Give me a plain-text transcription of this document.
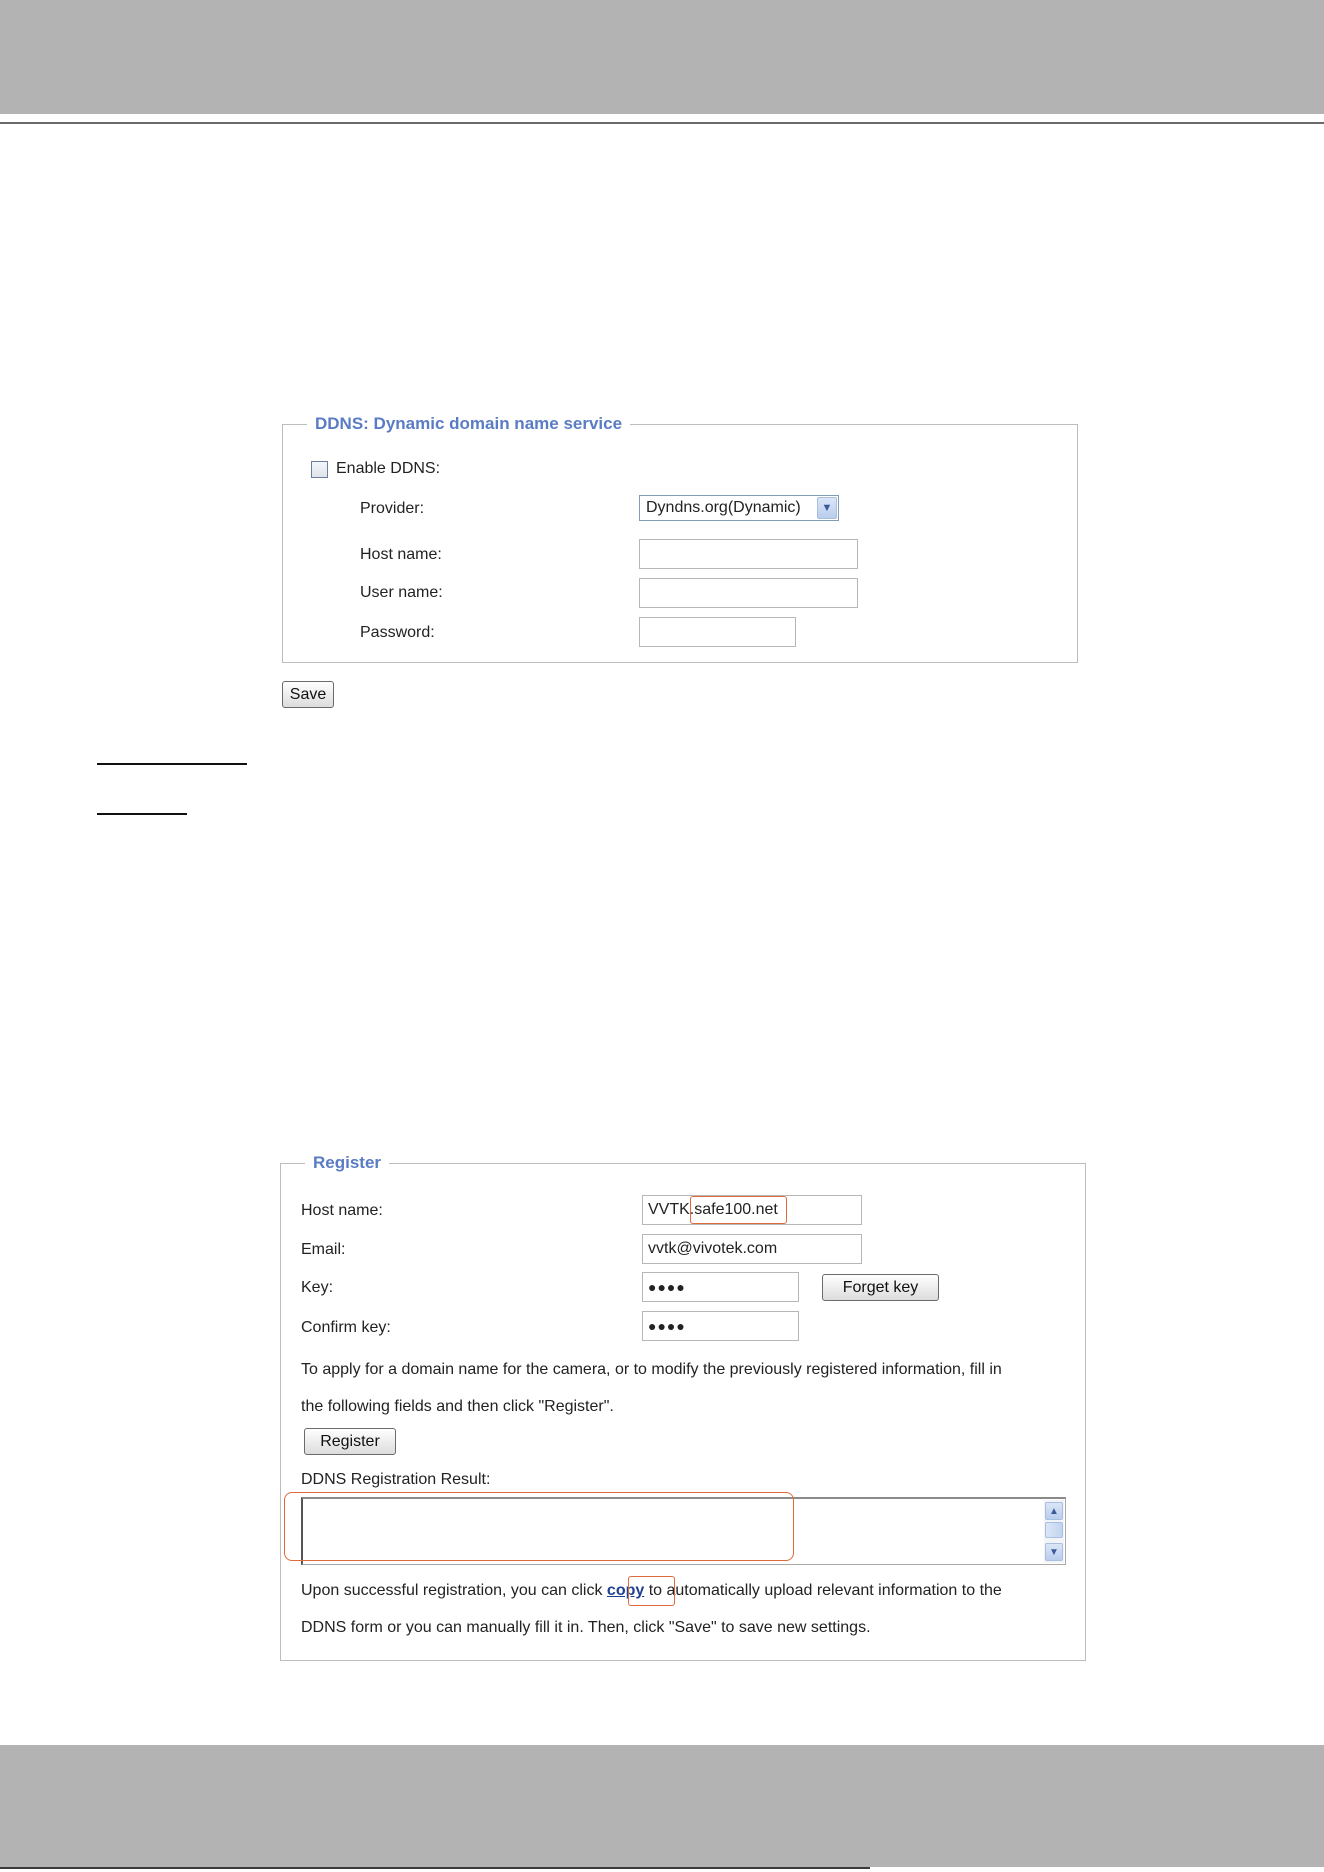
DDNS: Dynamic domain name service
Enable DDNS:
Provider:	Dyndns.org(Dynamic)	▼
Host name:
User name:
Password:
Save
Register
Host name:	VVTK.safe100.net
Email:	vvtk@vivotek.com
Key:	●●●●	Forget key
Confirm key:	●●●●
To apply for a domain name for the camera, or to modify the previously registered information, fill in
the following fields and then click "Register".
Register
DDNS Registration Result:
▲
▼
Upon successful registration, you can click copy to automatically upload relevant information to the
DDNS form or you can manually fill it in. Then, click "Save" to save new settings.
